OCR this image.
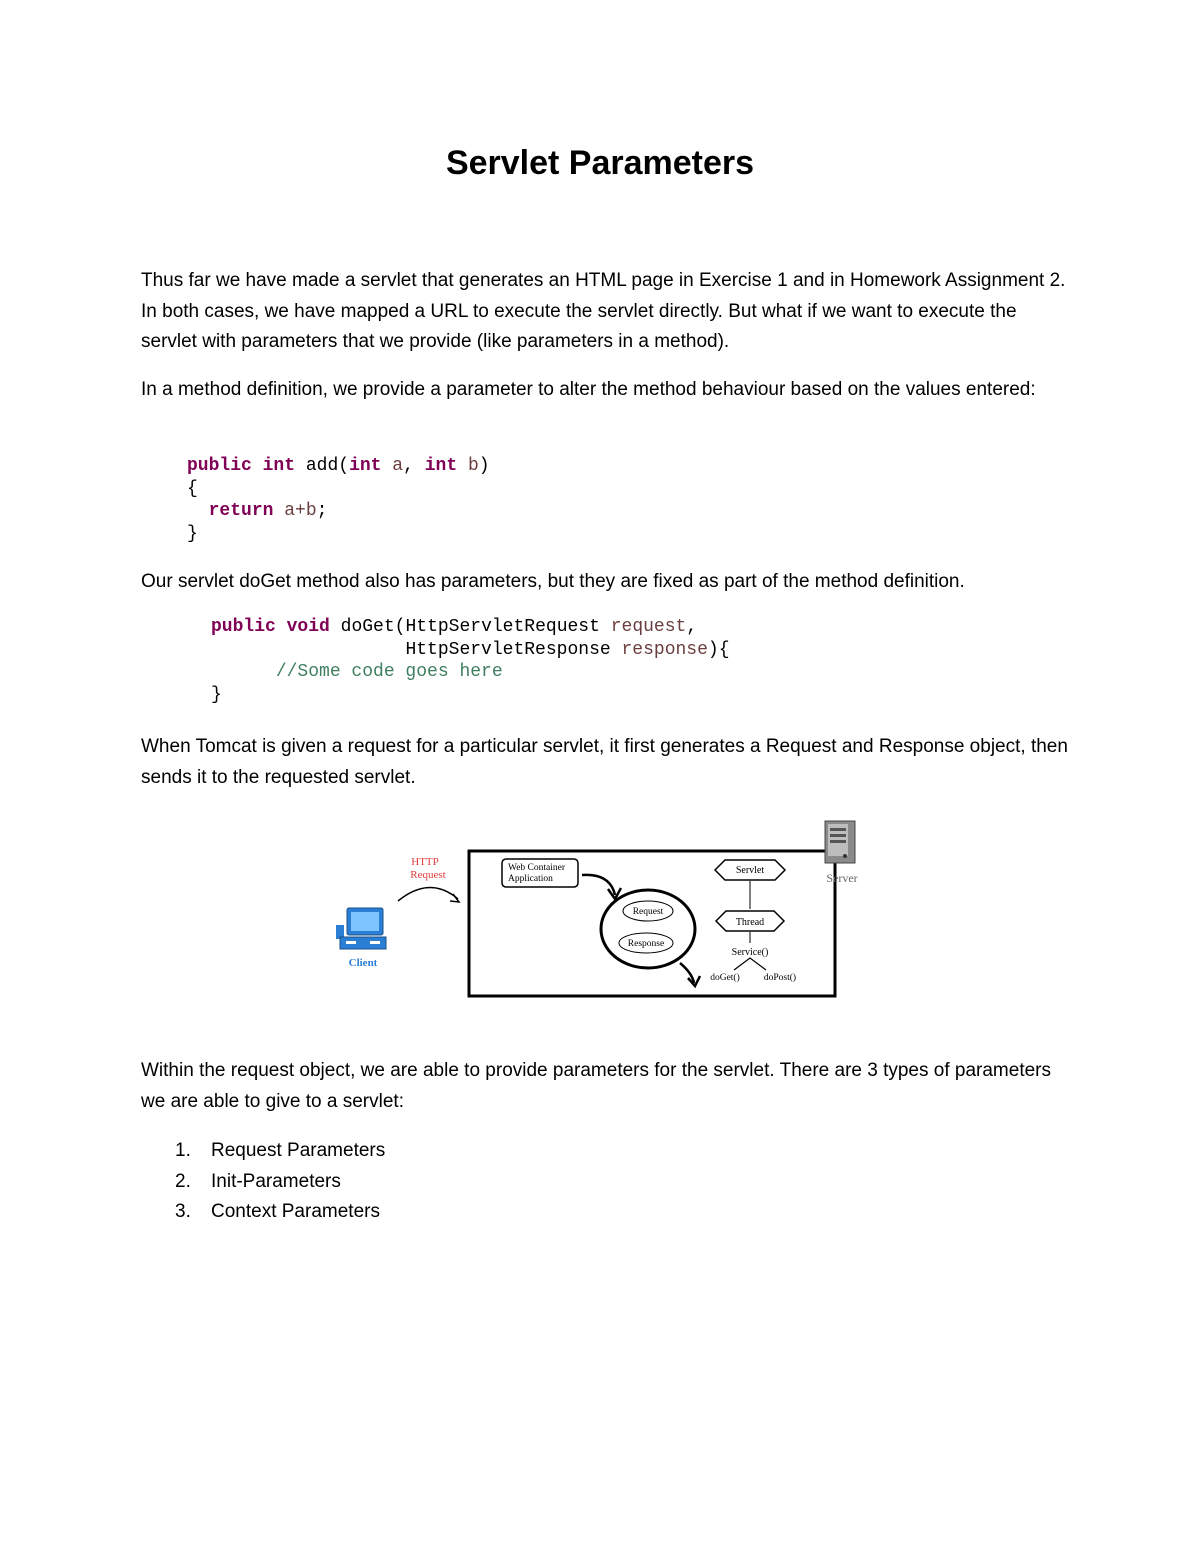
Servlet Parameters

Thus far we have made a servlet that generates an HTML page in Exercise 1 and in Homework Assignment 2. In both cases, we have mapped a URL to execute the servlet directly. But what if we want to execute the servlet with parameters that we provide (like parameters in a method).

In a method definition, we provide a parameter to alter the method behaviour based on the values entered:

public int add(int a, int b)
{
return a+b;
}

Our servlet doGet method also has parameters, but they are fixed as part of the method definition.

public void doGet(HttpServletRequest request,
HttpServletResponse response){
//Some code goes here
}

When Tomcat is given a request for a particular servlet, it first generates a Request and Response object, then sends it to the requested servlet.

Server
Client
HTTP
Request
Web Container
Application
Request
Response
Servlet
Thread
Service()
doGet()	doPost()

Within the request object, we are able to provide parameters for the servlet. There are 3 types of parameters we are able to give to a servlet:

1. Request Parameters
2. Init-Parameters
3. Context Parameters
